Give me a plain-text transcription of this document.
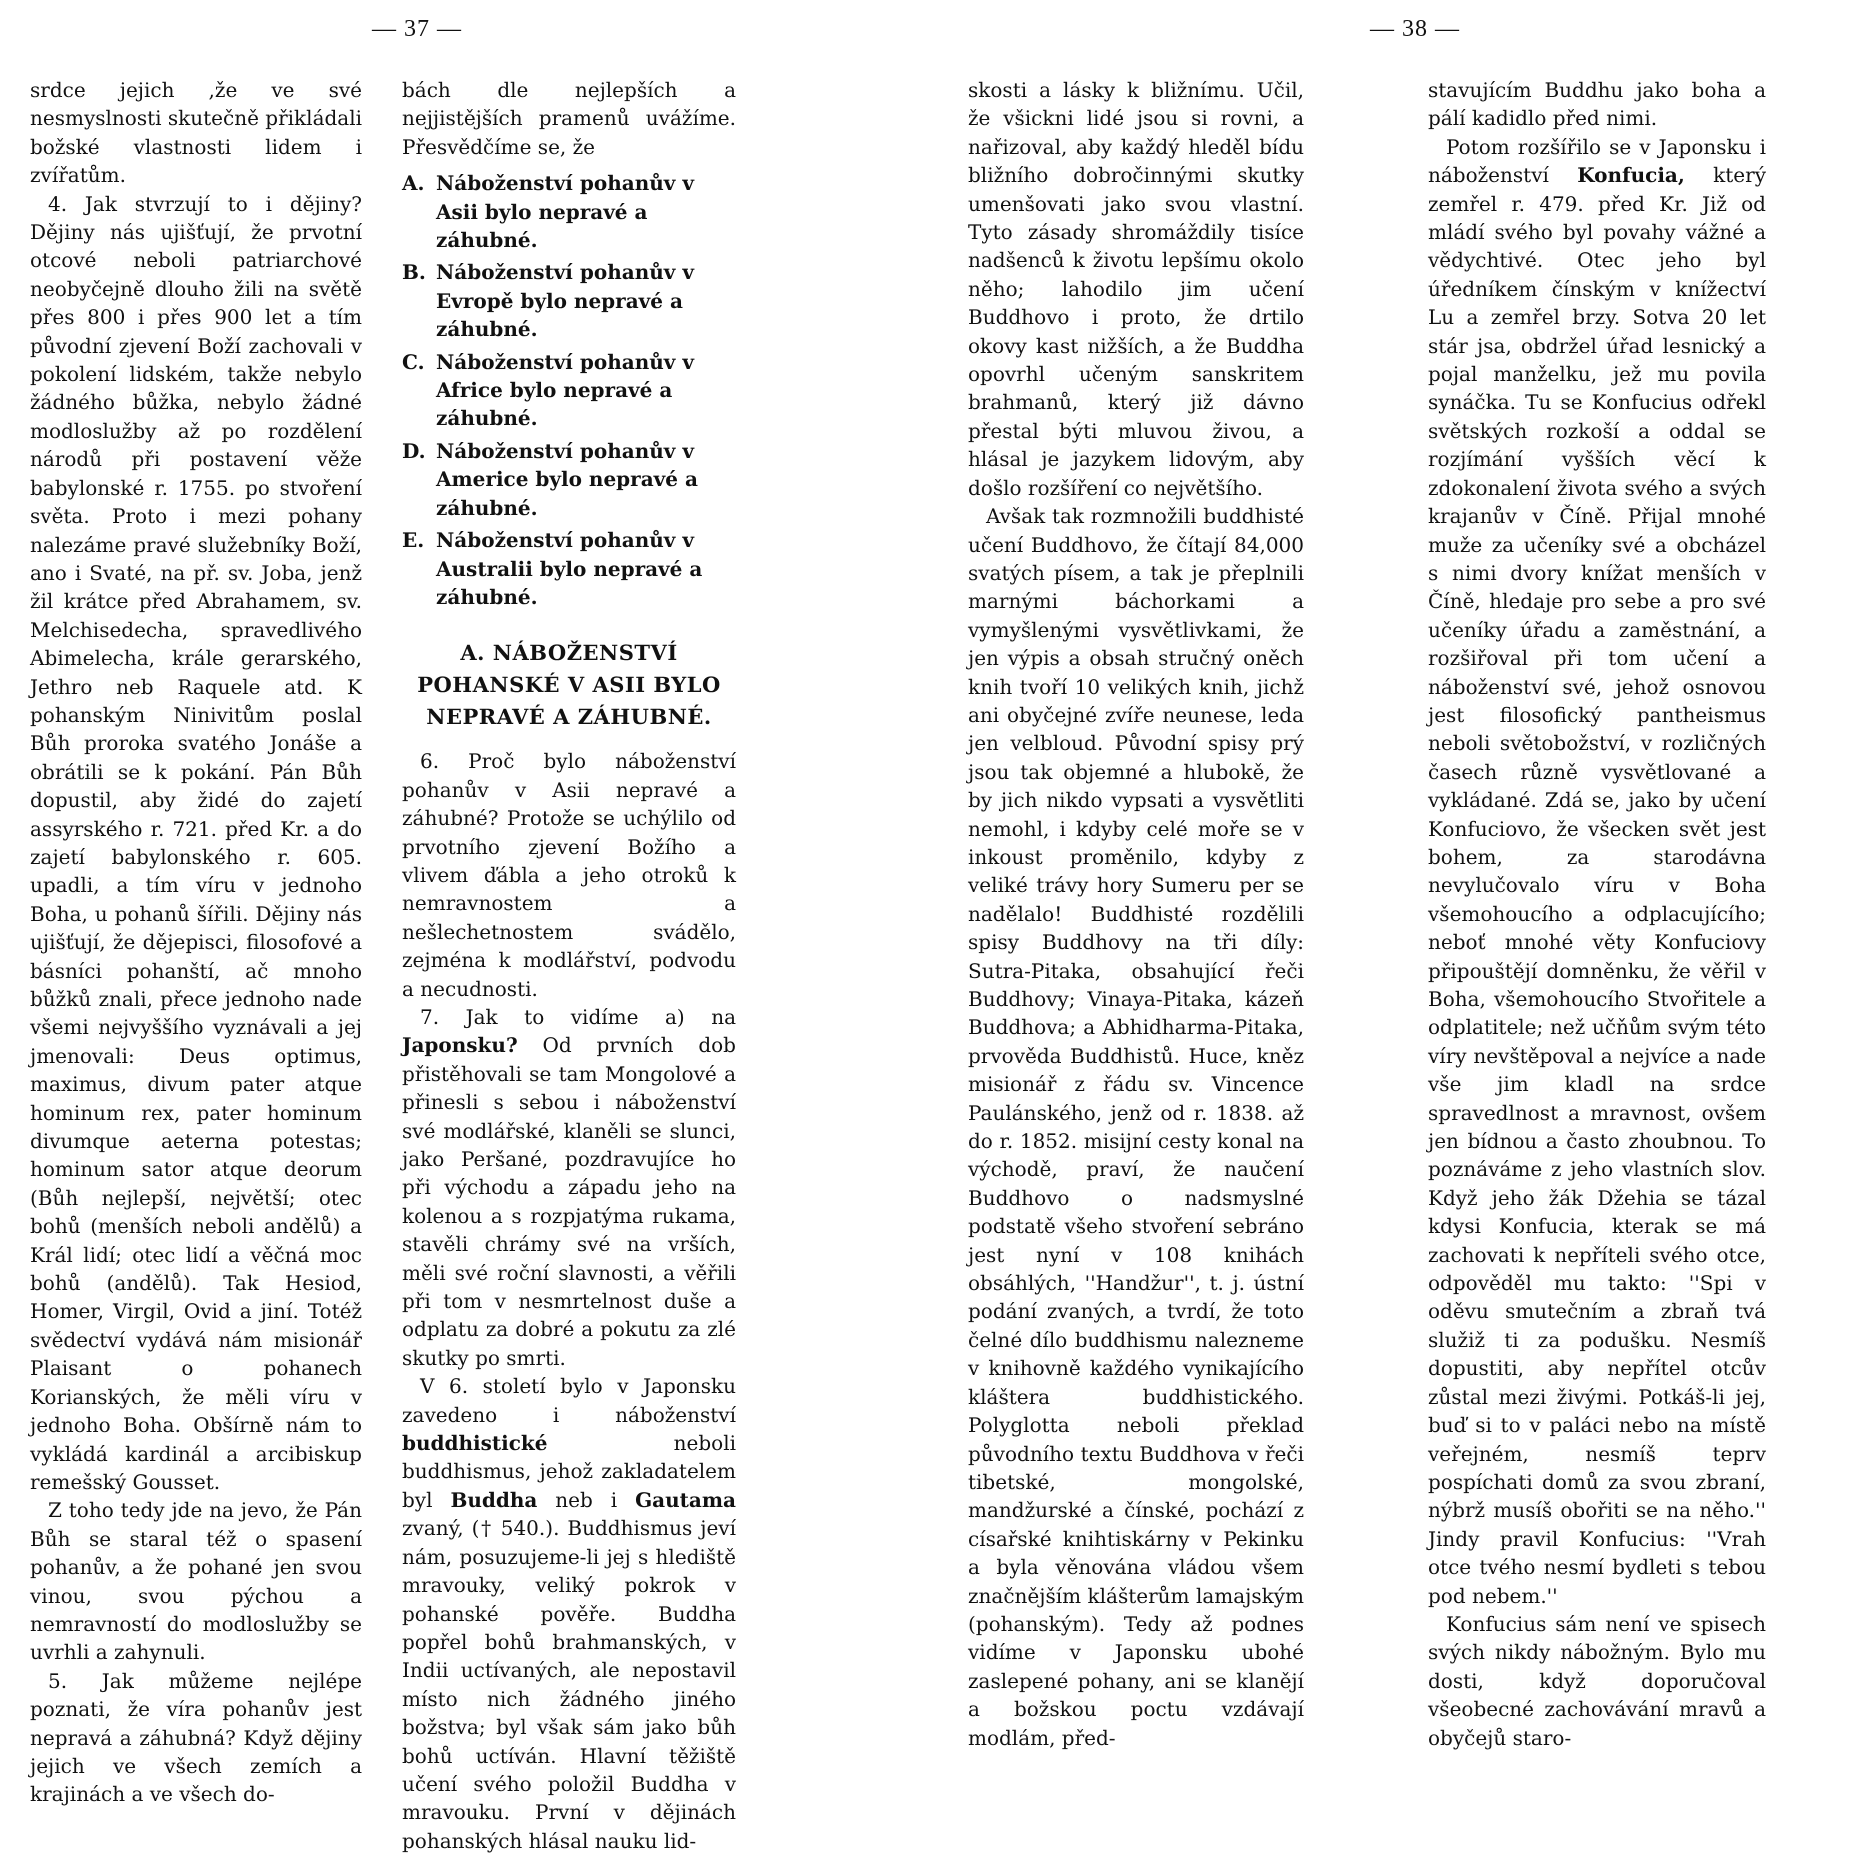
— 37 —

srdce jejich ,že ve své nesmyslnosti skutečně přikládali božské vlastnosti lidem i zvířatům.

4. Jak stvrzují to i dějiny? Dějiny nás ujišťují, že prvotní otcové neboli patriarchové neobyčejně dlouho žili na světě přes 800 i přes 900 let a tím původní zjevení Boží zachovali v pokolení lidském, takže nebylo žádného bůžka, nebylo žádné modloslužby až po rozdělení národů při postavení věže babylonské r. 1755. po stvoření světa. Proto i mezi pohany nalezáme pravé služebníky Boží, ano i Svaté, na př. sv. Joba, jenž žil krátce před Abrahamem, sv. Melchisedecha, spravedlivého Abimelecha, krále gerarského, Jethro neb Raquele atd. K pohanským Ninivitům poslal Bůh proroka svatého Jonáše a obrátili se k pokání. Pán Bůh dopustil, aby židé do zajetí assyrského r. 721. před Kr. a do zajetí babylonského r. 605. upadli, a tím víru v jednoho Boha, u pohanů šířili. Dějiny nás ujišťují, že dějepisci, filosofové a básníci pohanští, ač mnoho bůžků znali, přece jednoho nade všemi nejvyššího vyznávali a jej jmenovali: Deus optimus, maximus, divum pater atque hominum rex, pater hominum divumque aeterna potestas; hominum sator atque deorum (Bůh nejlepší, největší; otec bohů (menších neboli andělů) a Král lidí; otec lidí a věčná moc bohů (andělů). Tak Hesiod, Homer, Virgil, Ovid a jiní. Totéž svědectví vydává nám misionář Plaisant o pohanech Korianských, že měli víru v jednoho Boha. Obšírně nám to vykládá kardinál a arcibiskup remešský Gousset.

Z toho tedy jde na jevo, že Pán Bůh se staral též o spasení pohanův, a že pohané jen svou vinou, svou pýchou a nemravností do modloslužby se uvrhli a zahynuli.

5. Jak můžeme nejlépe poznati, že víra pohanův jest nepravá a záhubná? Když dějiny jejich ve všech zemích a krajinách a ve všech do-

bách dle nejlepších a nejjistějších pramenů uvážíme. Přesvědčíme se, že

A. Náboženství pohanův v Asii bylo nepravé a záhubné.
B. Náboženství pohanův v Evropě bylo nepravé a záhubné.
C. Náboženství pohanův v Africe bylo nepravé a záhubné.
D. Náboženství pohanův v Americe bylo nepravé a záhubné.
E. Náboženství pohanův v Australii bylo nepravé a záhubné.
A. NÁBOŽENSTVÍ POHANSKÉ V ASII BYLO NEPRAVÉ A ZÁHUBNÉ.

6. Proč bylo náboženství pohanův v Asii nepravé a záhubné? Protože se uchýlilo od prvotního zjevení Božího a vlivem ďábla a jeho otroků k nemravnostem a nešlechetnostem svádělo, zejména k modlářství, podvodu a necudnosti.

7. Jak to vidíme a) na Japonsku? Od prvních dob přistěhovali se tam Mongolové a přinesli s sebou i náboženství své modlářské, klaněli se slunci, jako Peršané, pozdravujíce ho při východu a západu jeho na kolenou a s rozpjatýma rukama, stavěli chrámy své na vrších, měli své roční slavnosti, a věřili při tom v nesmrtelnost duše a odplatu za dobré a pokutu za zlé skutky po smrti.

V 6. století bylo v Japonsku zavedeno i náboženství buddhistické neboli buddhismus, jehož zakladatelem byl Buddha neb i Gautama zvaný, († 540.). Buddhismus jeví nám, posuzujeme-li jej s hlediště mravouky, veliký pokrok v pohanské pověře. Buddha popřel bohů brahmanských, v Indii uctívaných, ale nepostavil místo nich žádného jiného božstva; byl však sám jako bůh bohů uctíván. Hlavní těžiště učení svého položil Buddha v mravouku. První v dějinách pohanských hlásal nauku lid-

— 38 —

skosti a lásky k bližnímu. Učil, že všickni lidé jsou si rovni, a nařizoval, aby každý hleděl bídu bližního dobročinnými skutky umenšovati jako svou vlastní. Tyto zásady shromáždily tisíce nadšenců k životu lepšímu okolo něho; lahodilo jim učení Buddhovo i proto, že drtilo okovy kast nižších, a že Buddha opovrhl učeným sanskritem brahmanů, který již dávno přestal býti mluvou živou, a hlásal je jazykem lidovým, aby došlo rozšíření co největšího.

Avšak tak rozmnožili buddhisté učení Buddhovo, že čítají 84,000 svatých písem, a tak je přeplnili marnými báchorkami a vymyšlenými vysvětlivkami, že jen výpis a obsah stručný oněch knih tvoří 10 velikých knih, jichž ani obyčejné zvíře neunese, leda jen velbloud. Původní spisy prý jsou tak objemné a hlubokě, že by jich nikdo vypsati a vysvětliti nemohl, i kdyby celé moře se v inkoust proměnilo, kdyby z veliké trávy hory Sumeru per se nadělalo! Buddhisté rozdělili spisy Buddhovy na tři díly: Sutra-Pitaka, obsahující řeči Buddhovy; Vinaya-Pitaka, kázeň Buddhova; a Abhidharma-Pitaka, prvověda Buddhistů. Huce, kněz misionář z řádu sv. Vincence Paulánského, jenž od r. 1838. až do r. 1852. misijní cesty konal na východě, praví, že naučení Buddhovo o nadsmyslné podstatě všeho stvoření sebráno jest nyní v 108 knihách obsáhlých, ''Handžur'', t. j. ústní podání zvaných, a tvrdí, že toto čelné dílo buddhismu nalezneme v knihovně každého vynikajícího kláštera buddhistického. Polyglotta neboli překlad původního textu Buddhova v řeči tibetské, mongolské, mandžurské a čínské, pochází z císařské knihtiskárny v Pekinku a byla věnována vládou všem značnějším klášterům lamajským (pohanským). Tedy až podnes vidíme v Japonsku ubohé zaslepené pohany, ani se klanějí a božskou poctu vzdávají modlám, před-

stavujícím Buddhu jako boha a pálí kadidlo před nimi.

Potom rozšířilo se v Japonsku i náboženství Konfucia, který zemřel r. 479. před Kr. Již od mládí svého byl povahy vážné a vědychtivé. Otec jeho byl úředníkem čínským v knížectví Lu a zemřel brzy. Sotva 20 let stár jsa, obdržel úřad lesnický a pojal manželku, jež mu povila synáčka. Tu se Konfucius odřekl světských rozkoší a oddal se rozjímání vyšších věcí k zdokonalení života svého a svých krajanův v Číně. Přijal mnohé muže za učeníky své a obcházel s nimi dvory knížat menších v Číně, hledaje pro sebe a pro své učeníky úřadu a zaměstnání, a rozšiřoval při tom učení a náboženství své, jehož osnovou jest filosofický pantheismus neboli světobožství, v rozličných časech různě vysvětlované a vykládané. Zdá se, jako by učení Konfuciovo, že všecken svět jest bohem, za starodávna nevylučovalo víru v Boha všemohoucího a odplacujícího; neboť mnohé věty Konfuciovy připouštějí domněnku, že věřil v Boha, všemohoucího Stvořitele a odplatitele; než učňům svým této víry nevštěpoval a nejvíce a nade vše jim kladl na srdce spravedlnost a mravnost, ovšem jen bídnou a často zhoubnou. To poznáváme z jeho vlastních slov. Když jeho žák Džehia se tázal kdysi Konfucia, kterak se má zachovati k nepříteli svého otce, odpověděl mu takto: ''Spi v oděvu smutečním a zbraň tvá služiž ti za podušku. Nesmíš dopustiti, aby nepřítel otcův zůstal mezi živými. Potkáš-li jej, buď si to v paláci nebo na místě veřejném, nesmíš teprv pospíchati domů za svou zbraní, nýbrž musíš obořiti se na něho.'' Jindy pravil Konfucius: ''Vrah otce tvého nesmí bydleti s tebou pod nebem.''

Konfucius sám není ve spisech svých nikdy nábožným. Bylo mu dosti, když doporučoval všeobecné zachovávání mravů a obyčejů staro-
